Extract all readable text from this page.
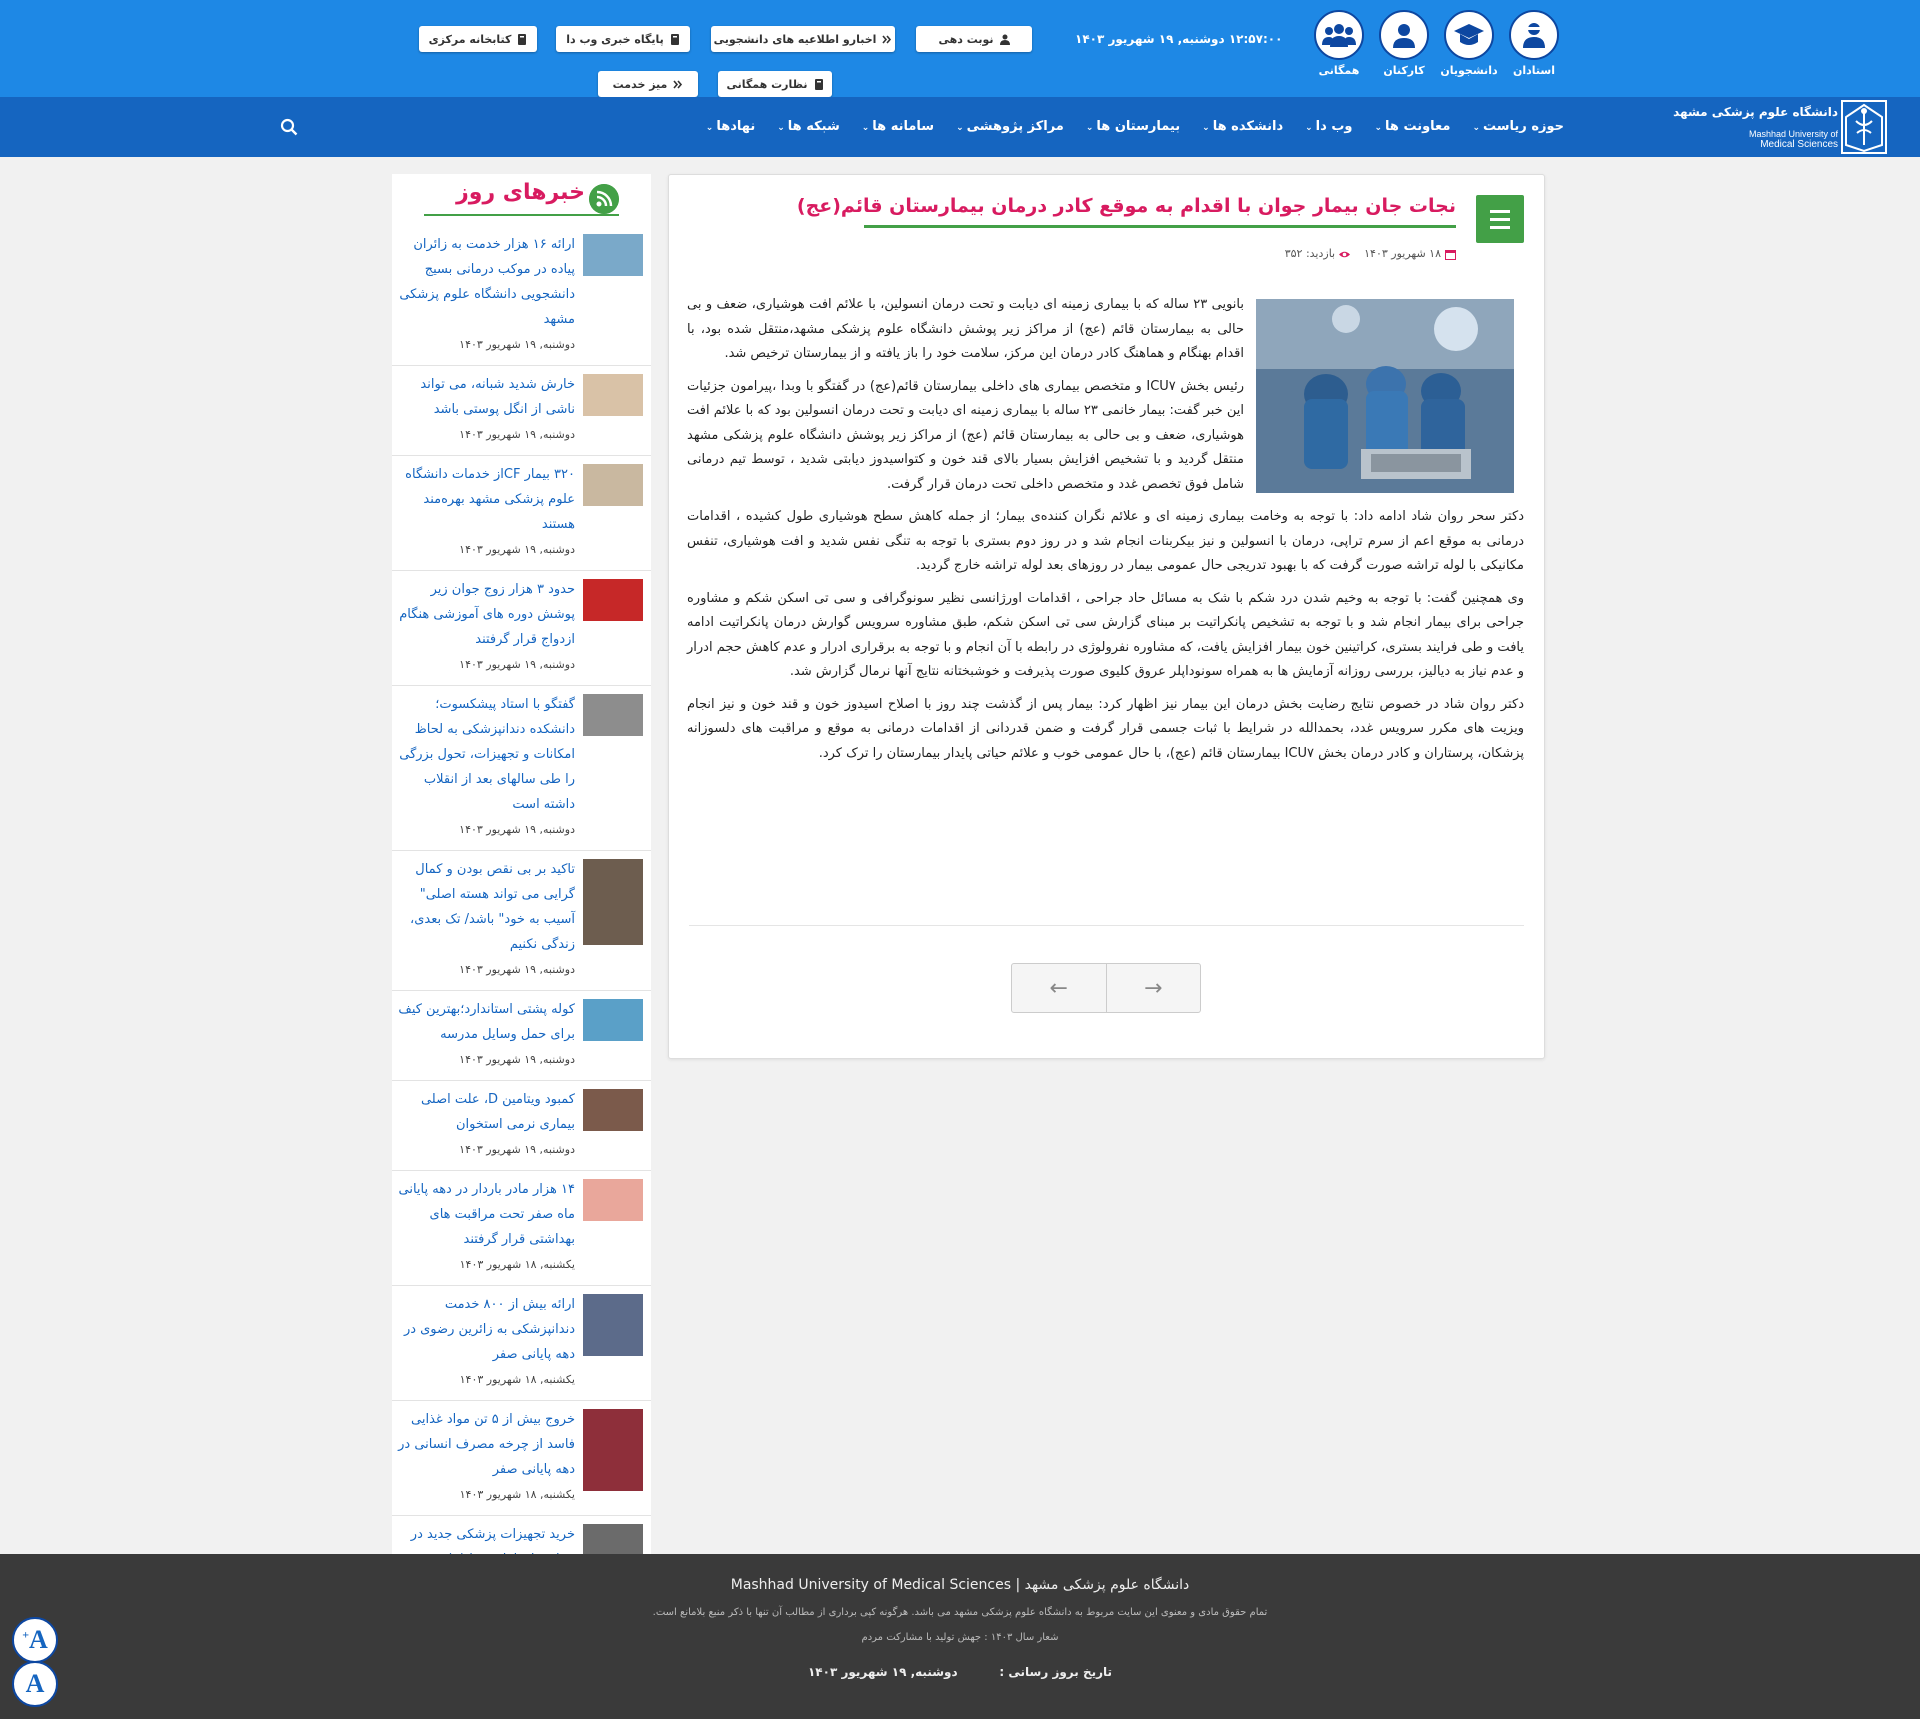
استادان
دانشجویان
کارکنان
همگانی
۱۲:۵۷:۰۰ دوشنبه, ۱۹ شهریور ۱۴۰۳
نوبت دهی
اخبارو اطلاعیه های دانشجویی
پایگاه خبری وب دا
کتابخانه مرکزی
نظارت همگانی
میز خدمت
دانشگاه علوم پزشکی مشهد
Mashhad University of
Medical Sciences
حوزه ریاست⌄
معاونت ها⌄
وب دا⌄
دانشکده ها⌄
بیمارستان ها⌄
مراکز پژوهشی⌄
سامانه ها⌄
شبکه ها⌄
نهادها⌄
نجات جان بیمار جوان با اقدام به موقع کادر درمان بیمارستان قائم(عج)
۱۸ شهریور ۱۴۰۳
بازدید: ۳۵۲

بانویی ۲۳ ساله که با بیماری زمینه ای دیابت و تحت درمان انسولین، با علائم افت هوشیاری، ضعف و بی حالی به بیمارستان قائم (عج) از مراکز زیر پوشش دانشگاه علوم پزشکی مشهد،منتقل شده بود، با اقدام بهنگام و هماهنگ کادر درمان این مرکز، سلامت خود را باز یافته و از بیمارستان ترخیص شد.

رئیس بخش ICU۷ و متخصص بیماری های داخلی بیمارستان قائم(عج) در گفتگو با وبدا ،پیرامون جزئیات این خبر گفت: بیمار خانمی ۲۳ ساله با بیماری زمینه ای دیابت و تحت درمان انسولین بود که با علائم افت هوشیاری، ضعف و بی حالی به بیمارستان قائم (عج) از مراکز زیر پوشش دانشگاه علوم پزشکی مشهد منتقل گردید و با تشخیص افزایش بسیار بالای قند خون و کتواسیدوز دیابتی شدید ، توسط تیم درمانی شامل فوق تخصص غدد و متخصص داخلی تحت درمان قرار گرفت.

دکتر سحر روان شاد ادامه داد: با توجه به وخامت بیماری زمینه ای و علائم نگران کننده‌ی بیمار؛ از جمله کاهش سطح هوشیاری طول کشیده ، اقدامات درمانی به موقع اعم از سرم تراپی، درمان با انسولین و نیز بیکربنات انجام شد و در روز دوم بستری با توجه به تنگی نفس شدید و افت هوشیاری، تنفس مکانیکی با لوله تراشه صورت گرفت که با بهبود تدریجی حال عمومی بیمار در روزهای بعد لوله تراشه خارج گردید.

وی همچنین گفت: با توجه به وخیم شدن درد شکم با شک به مسائل حاد جراحی ، اقدامات اورژانسی نظیر سونوگرافی و سی تی اسکن شکم و مشاوره جراحی برای بیمار انجام شد و با توجه به تشخیص پانکراتیت بر مبنای گزارش سی تی اسکن شکم، طبق مشاوره سرویس گوارش درمان پانکراتیت ادامه یافت و طی فرایند بستری، کراتینین خون بیمار افزایش یافت، که مشاوره نفرولوژی در رابطه با آن انجام و با توجه به برقراری ادرار و عدم کاهش حجم ادرار و عدم نیاز به دیالیز، بررسی روزانه آزمایش ها به همراه سونوداپلر عروق کلیوی صورت پذیرفت و خوشبختانه نتایج آنها نرمال گزارش شد.

دکتر روان شاد در خصوص نتایج رضایت بخش درمان این بیمار نیز اظهار کرد: بیمار پس از گذشت چند روز با اصلاح اسیدوز خون و قند خون و نیز انجام ویزیت های مکرر سرویس غدد، بحمدالله در شرایط با ثبات جسمی قرار گرفت و ضمن قدردانی از اقدامات درمانی به موقع و مراقبت های دلسوزانه پزشکان، پرستاران و کادر درمان بخش ICU۷ بیمارستان قائم (عج)، با حال عمومی خوب و علائم حیاتی پایدار بیمارستان را ترک کرد.

→
←
خبرهای روز
ارائه ۱۶ هزار خدمت به زائران پیاده در موکب درمانی بسیج دانشجویی دانشگاه علوم پزشکی مشهد
دوشنبه, ۱۹ شهریور ۱۴۰۳
خارش شدید شبانه، می تواند ناشی از انگل پوستی باشد
دوشنبه, ۱۹ شهریور ۱۴۰۳
۳۲۰ بیمار CFاز خدمات دانشگاه علوم پزشکی مشهد بهره‌مند هستند
دوشنبه, ۱۹ شهریور ۱۴۰۳
حدود ۳ هزار زوج جوان زیر پوشش دوره های آموزشی هنگام ازدواج قرار گرفتند
دوشنبه, ۱۹ شهریور ۱۴۰۳
گفتگو با استاد پیشکسوت؛ دانشکده دندانپزشکی به لحاظ امکانات و تجهیزات، تحول بزرگی را طی سالهای بعد از انقلاب داشته است
دوشنبه, ۱۹ شهریور ۱۴۰۳
تاکید بر بی نقص بودن و کمال گرایی می تواند هسته اصلی" آسیب به خود" باشد/ تک بعدی، زندگی نکنیم
دوشنبه, ۱۹ شهریور ۱۴۰۳
کوله پشتی استاندارد؛بهترین کیف برای حمل وسایل مدرسه
دوشنبه, ۱۹ شهریور ۱۴۰۳
کمبود ویتامین D، علت اصلی بیماری نرمی استخوان
دوشنبه, ۱۹ شهریور ۱۴۰۳
۱۴ هزار مادر باردار در دهه پایانی ماه صفر تحت مراقبت های بهداشتی قرار گرفتند
یکشنبه, ۱۸ شهریور ۱۴۰۳
ارائه بیش از ۸۰۰ خدمت دندانپزشکی به زائرین رضوی در دهه پایانی صفر
یکشنبه, ۱۸ شهریور ۱۴۰۳
خروج بیش از ۵ تن مواد غذایی فاسد از چرخه مصرف انسانی در دهه پایانی صفر
یکشنبه, ۱۸ شهریور ۱۴۰۳
خرید تجهیزات پزشکی جدید در
دانشگاه علوم پزشکی مشهد | Mashhad University of Medical Sciences
تمام حقوق مادی و معنوی این سایت مربوط به دانشگاه علوم پزشکی مشهد می باشد. هرگونه کپی برداری از مطالب آن تنها با ذکر منبع بلامانع است.
شعار سال ۱۴۰۳ : جهش تولید با مشارکت مردم
تاریخ بروز رسانی :          دوشنبه, ۱۹ شهریور ۱۴۰۳
A+
A
